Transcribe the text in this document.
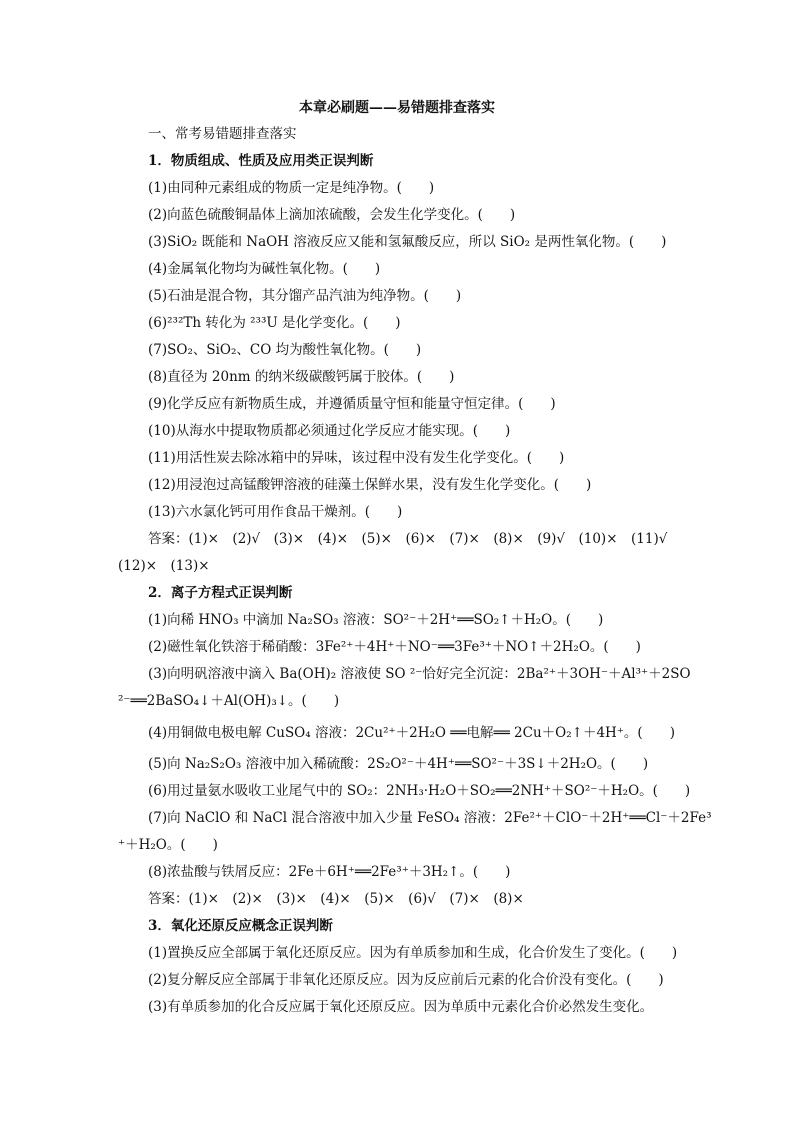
本章必刷题——易错题排查落实
一、常考易错题排查落实
1．物质组成、性质及应用类正误判断
(1)由同种元素组成的物质一定是纯净物。(　　)
(2)向蓝色硫酸铜晶体上滴加浓硫酸，会发生化学变化。(　　)
(3)SiO₂ 既能和 NaOH 溶液反应又能和氢氟酸反应，所以 SiO₂ 是两性氧化物。(　　)
(4)金属氧化物均为碱性氧化物。(　　)
(5)石油是混合物，其分馏产品汽油为纯净物。(　　)
(6)²³²Th 转化为 ²³³U 是化学变化。(　　)
(7)SO₂、SiO₂、CO 均为酸性氧化物。(　　)
(8)直径为 20nm 的纳米级碳酸钙属于胶体。(　　)
(9)化学反应有新物质生成，并遵循质量守恒和能量守恒定律。(　　)
(10)从海水中提取物质都必须通过化学反应才能实现。(　　)
(11)用活性炭去除冰箱中的异味，该过程中没有发生化学变化。(　　)
(12)用浸泡过高锰酸钾溶液的硅藻土保鲜水果，没有发生化学变化。(　　)
(13)六水氯化钙可用作食品干燥剂。(　　)
答案：(1)×　(2)√　(3)×　(4)×　(5)×　(6)×　(7)×　(8)×　(9)√　(10)×　(11)√
(12)×　(13)×
2．离子方程式正误判断
(1)向稀 HNO₃ 中滴加 Na₂SO₃ 溶液：SO²⁻＋2H⁺══SO₂↑＋H₂O。(　　)
(2)磁性氧化铁溶于稀硝酸：3Fe²⁺＋4H⁺＋NO⁻══3Fe³⁺＋NO↑＋2H₂O。(　　)
(3)向明矾溶液中滴入 Ba(OH)₂ 溶液使 SO ²⁻恰好完全沉淀：2Ba²⁺＋3OH⁻＋Al³⁺＋2SO
²⁻══2BaSO₄↓＋Al(OH)₃↓。(　　)
(4)用铜做电极电解 CuSO₄ 溶液：2Cu²⁺＋2H₂O ══电解══ 2Cu＋O₂↑＋4H⁺。(　　)
(5)向 Na₂S₂O₃ 溶液中加入稀硫酸：2S₂O²⁻＋4H⁺══SO²⁻＋3S↓＋2H₂O。(　　)
(6)用过量氨水吸收工业尾气中的 SO₂：2NH₃·H₂O＋SO₂══2NH⁺＋SO²⁻＋H₂O。(　　)
(7)向 NaClO 和 NaCl 混合溶液中加入少量 FeSO₄ 溶液：2Fe²⁺＋ClO⁻＋2H⁺══Cl⁻＋2Fe³
⁺＋H₂O。(　　)
(8)浓盐酸与铁屑反应：2Fe＋6H⁺══2Fe³⁺＋3H₂↑。(　　)
答案：(1)×　(2)×　(3)×　(4)×　(5)×　(6)√　(7)×　(8)×
3．氧化还原反应概念正误判断
(1)置换反应全部属于氧化还原反应。因为有单质参加和生成，化合价发生了变化。(　　)
(2)复分解反应全部属于非氧化还原反应。因为反应前后元素的化合价没有变化。(　　)
(3)有单质参加的化合反应属于氧化还原反应。因为单质中元素化合价必然发生变化。
